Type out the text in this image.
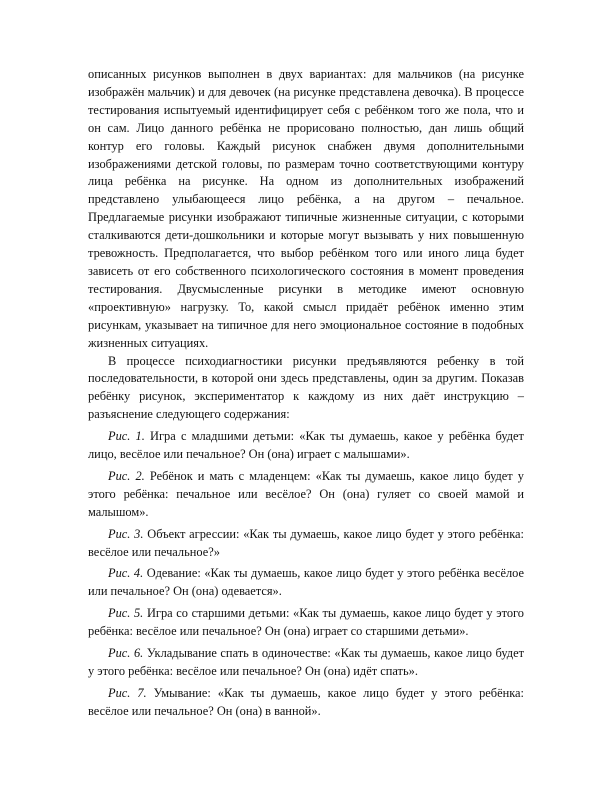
описанных рисунков выполнен в двух вариантах: для мальчиков (на рисунке изображён мальчик) и для девочек (на рисунке представлена девочка). В процессе тестирования испытуемый идентифицирует себя с ребёнком того же пола, что и он сам. Лицо данного ребёнка не прорисовано полностью, дан лишь общий контур его головы. Каждый рисунок снабжен двумя дополнительными изображениями детской головы, по размерам точно соответствующими контуру лица ребёнка на рисунке. На одном из дополнительных изображений представлено улыбающееся лицо ребёнка, а на другом – печальное. Предлагаемые рисунки изображают типичные жизненные ситуации, с которыми сталкиваются дети-дошкольники и которые могут вызывать у них повышенную тревожность. Предполагается, что выбор ребёнком того или иного лица будет зависеть от его собственного психологического состояния в момент проведения тестирования. Двусмысленные рисунки в методике имеют основную «проективную» нагрузку. То, какой смысл придаёт ребёнок именно этим рисункам, указывает на типичное для него эмоциональное состояние в подобных жизненных ситуациях.

В процессе психодиагностики рисунки предъявляются ребенку в той последовательности, в которой они здесь представлены, один за другим. Показав ребёнку рисунок, экспериментатор к каждому из них даёт инструкцию – разъяснение следующего содержания:

Рис. 1. Игра с младшими детьми: «Как ты думаешь, какое у ребёнка будет лицо, весёлое или печальное? Он (она) играет с малышами».

Рис. 2. Ребёнок и мать с младенцем: «Как ты думаешь, какое лицо будет у этого ребёнка: печальное или весёлое? Он (она) гуляет со своей мамой и малышом».

Рис. 3. Объект агрессии: «Как ты думаешь, какое лицо будет у этого ребёнка: весёлое или печальное?»

Рис. 4. Одевание: «Как ты думаешь, какое лицо будет у этого ребёнка весёлое или печальное? Он (она) одевается».

Рис. 5. Игра со старшими детьми: «Как ты думаешь, какое лицо будет у этого ребёнка: весёлое или печальное? Он (она) играет со старшими детьми».

Рис. 6. Укладывание спать в одиночестве: «Как ты думаешь, какое лицо будет у этого ребёнка: весёлое или печальное? Он (она) идёт спать».

Рис. 7. Умывание: «Как ты думаешь, какое лицо будет у этого ребёнка: весёлое или печальное? Он (она) в ванной».
